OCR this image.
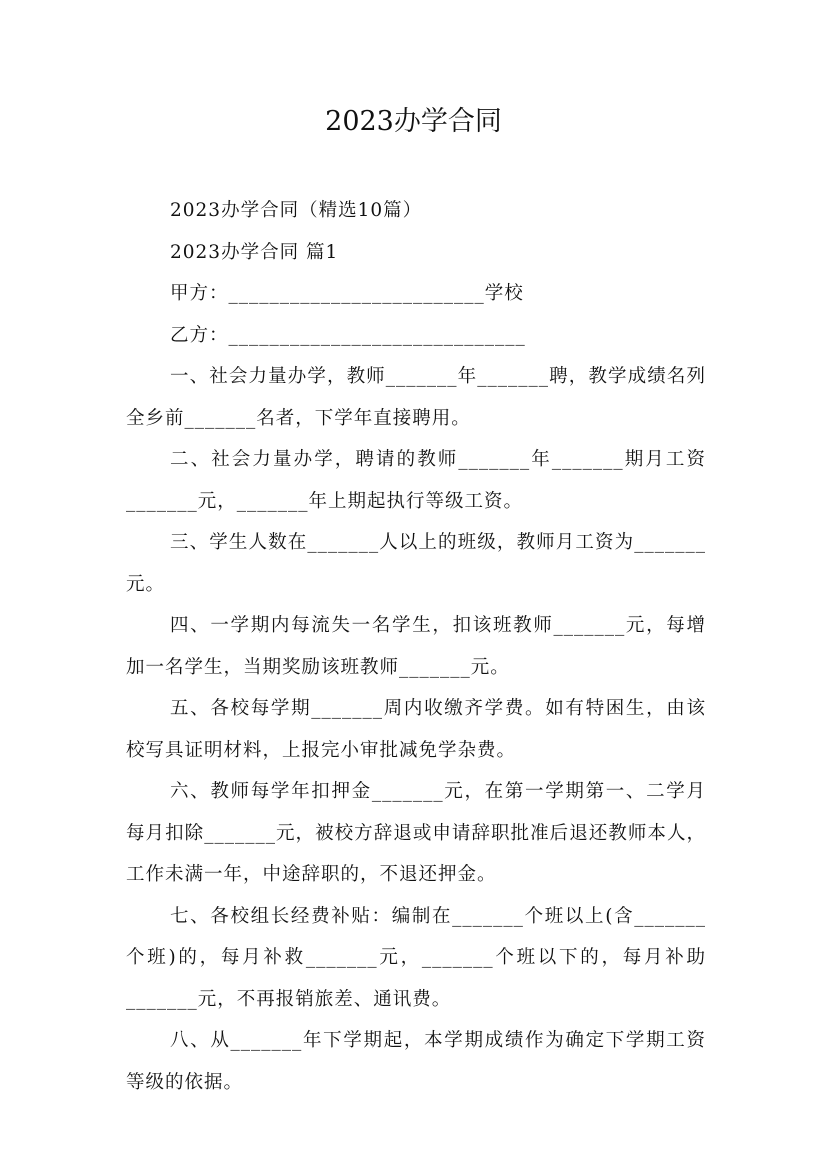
2023办学合同

2023办学合同（精选10篇）

2023办学合同 篇1

甲方：_________________________学校

乙方：_____________________________

一、社会力量办学，教师_______年_______聘，教学成绩名列全乡前_______名者，下学年直接聘用。

二、社会力量办学，聘请的教师_______年_______期月工资_______元，_______年上期起执行等级工资。

三、学生人数在_______人以上的班级，教师月工资为_______元。

四、一学期内每流失一名学生，扣该班教师_______元，每增加一名学生，当期奖励该班教师_______元。

五、各校每学期_______周内收缴齐学费。如有特困生，由该校写具证明材料，上报完小审批减免学杂费。

六、教师每学年扣押金_______元，在第一学期第一、二学月每月扣除_______元，被校方辞退或申请辞职批准后退还教师本人，工作未满一年，中途辞职的，不退还押金。

七、各校组长经费补贴：编制在_______个班以上(含_______个班)的，每月补救_______元，_______个班以下的，每月补助_______元，不再报销旅差、通讯费。

八、从_______年下学期起，本学期成绩作为确定下学期工资等级的依据。
